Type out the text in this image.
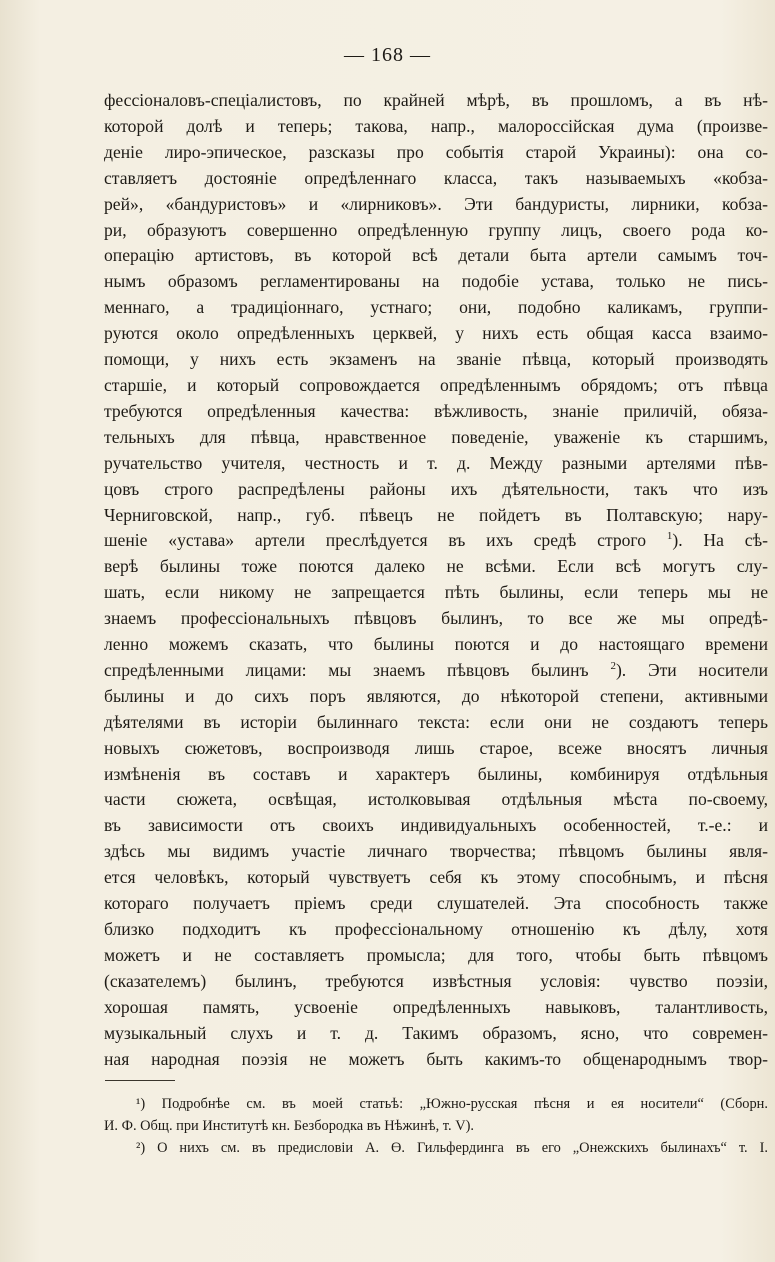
— 168 —
фессіоналовъ-спеціалистовъ, по крайней мѣрѣ, въ прошломъ, а въ нѣ-
которой долѣ и теперь; такова, напр., малороссійская дума (произве-
деніе лиро-эпическое, разсказы про событія старой Украины): она со-
ставляетъ достояніе опредѣленнаго класса, такъ называемыхъ «кобза-
рей», «бандуристовъ» и «лирниковъ». Эти бандуристы, лирники, кобза-
ри, образуютъ совершенно опредѣленную группу лицъ, своего рода ко-
операцію артистовъ, въ которой всѣ детали быта артели самымъ точ-
нымъ образомъ регламентированы на подобіе устава, только не пись-
меннаго, а традиціоннаго, устнаго; они, подобно каликамъ, группи-
руются около опредѣленныхъ церквей, у нихъ есть общая касса взаимо-
помощи, у нихъ есть экзаменъ на званіе пѣвца, который производять
старшіе, и который сопровождается опредѣленнымъ обрядомъ; отъ пѣвца
требуются опредѣленныя качества: вѣжливость, знаніе приличій, обяза-
тельныхъ для пѣвца, нравственное поведеніе, уваженіе къ старшимъ,
ручательство учителя, честность и т. д. Между разными артелями пѣв-
цовъ строго распредѣлены районы ихъ дѣятельности, такъ что изъ
Черниговской, напр., губ. пѣвецъ не пойдетъ въ Полтавскую; нару-
шеніе «устава» артели преслѣдуется въ ихъ средѣ строго $^1$). На сѣ-
верѣ былины тоже поются далеко не всѣми. Если всѣ могутъ слу-
шать, если никому не запрещается пѣть былины, если теперь мы не
знаемъ профессіональныхъ пѣвцовъ былинъ, то все же мы опредѣ-
ленно можемъ сказать, что былины поются и до настоящаго времени
спредѣленными лицами: мы знаемъ пѣвцовъ былинъ $^2$). Эти носители
былины и до сихъ поръ являются, до нѣкоторой степени, активными
дѣятелями въ исторіи былиннаго текста: если они не создаютъ теперь
новыхъ сюжетовъ, воспроизводя лишь старое, всеже вносятъ личныя
измѣненія въ составъ и характеръ былины, комбинируя отдѣльныя
части сюжета, освѣщая, истолковывая отдѣльныя мѣста по-своему,
въ зависимости отъ своихъ индивидуальныхъ особенностей, т.-е.: и
здѣсь мы видимъ участіе личнаго творчества; пѣвцомъ былины явля-
ется человѣкъ, который чувствуетъ себя къ этому способнымъ, и пѣсня
котораго получаетъ пріемъ среди слушателей. Эта способность также
близко подходитъ къ профессіональному отношенію къ дѣлу, хотя
можетъ и не составляетъ промысла; для того, чтобы быть пѣвцомъ
(сказателемъ) былинъ, требуются извѣстныя условія: чувство поэзіи,
хорошая память, усвоеніе опредѣленныхъ навыковъ, талантливость,
музыкальный слухъ и т. д. Такимъ образомъ, ясно, что современ-
ная народная поэзія не можетъ быть какимъ-то общенароднымъ твор-
¹) Подробнѣе см. въ моей статьѣ: „Южно-русская пѣсня и ея носители“ (Сборн.
И. Ф. Общ. при Институтѣ кн. Безбородка въ Нѣжинѣ, т. V).
²) О нихъ см. въ предисловіи А. Ө. Гильфердинга въ его „Онежскихъ былинахъ“ т. I.
